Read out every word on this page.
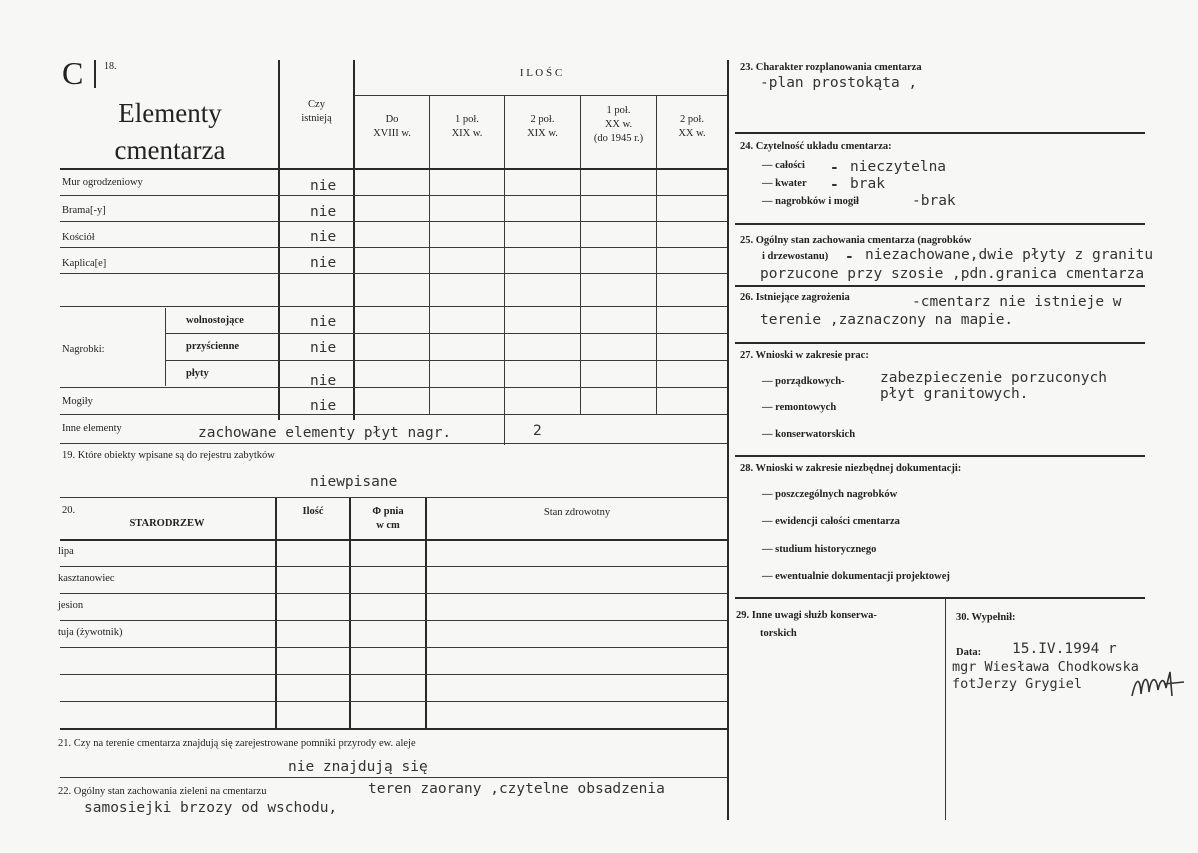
C 18.
Elementy
cmentarza
Czy
istnieją
I L O Ś C
Do
XVIII w.
1 poł.
XIX w.
2 poł.
XIX w.
1 poł.
XX w.
(do 1945 r.)
2 poł.
XX w.
Mur ogrodzeniowy	nie
Brama[-y]	nie
Kościół	nie
Kaplica[e]	nie
Nagrobki:
wolnostojące	nie
przyścienne	nie
płyty	nie
Mogiły	nie
Inne elementy	zachowane elementy płyt nagr.	2
19. Które obiekty wpisane są do rejestru zabytków
niewpisane
20.
STARODRZEW
Ilość	Φ pnia
w cm
Stan zdrowotny
lipa
kasztanowiec
jesion
tuja (żywotnik)
21. Czy na terenie cmentarza znajdują się zarejestrowane pomniki przyrody ew. aleje
nie znajdują się
22. Ogólny stan zachowania zieleni na cmentarzu	teren zaorany ,czytelne obsadzenia
samosiejki brzozy od wschodu,
23. Charakter rozplanowania cmentarza
-plan prostokąta ,
24. Czytelność układu cmentarza:
— całości - nieczytelna
— kwater - brak
— nagrobków i mogił	-brak
25. Ogólny stan zachowania cmentarza (nagrobków
i drzewostanu) - niezachowane,dwie płyty z granitu
porzucone przy szosie ,pdn.granica cmentarza
26. Istniejące zagrożenia	-cmentarz nie istnieje w
terenie ,zaznaczony na mapie.
27. Wnioski w zakresie prac:
— porządkowych-
— remontowych
— konserwatorskich
zabezpieczenie porzuconych
płyt granitowych.
28. Wnioski w zakresie niezbędnej dokumentacji:
— poszczególnych nagrobków
— ewidencji całości cmentarza
— studium historycznego
— ewentualnie dokumentacji projektowej
29. Inne uwagi służb konserwa-
torskich
30. Wypełnił:
Data: 15.IV.1994 r
mgr Wiesława Chodkowska
fotJerzy Grygiel
